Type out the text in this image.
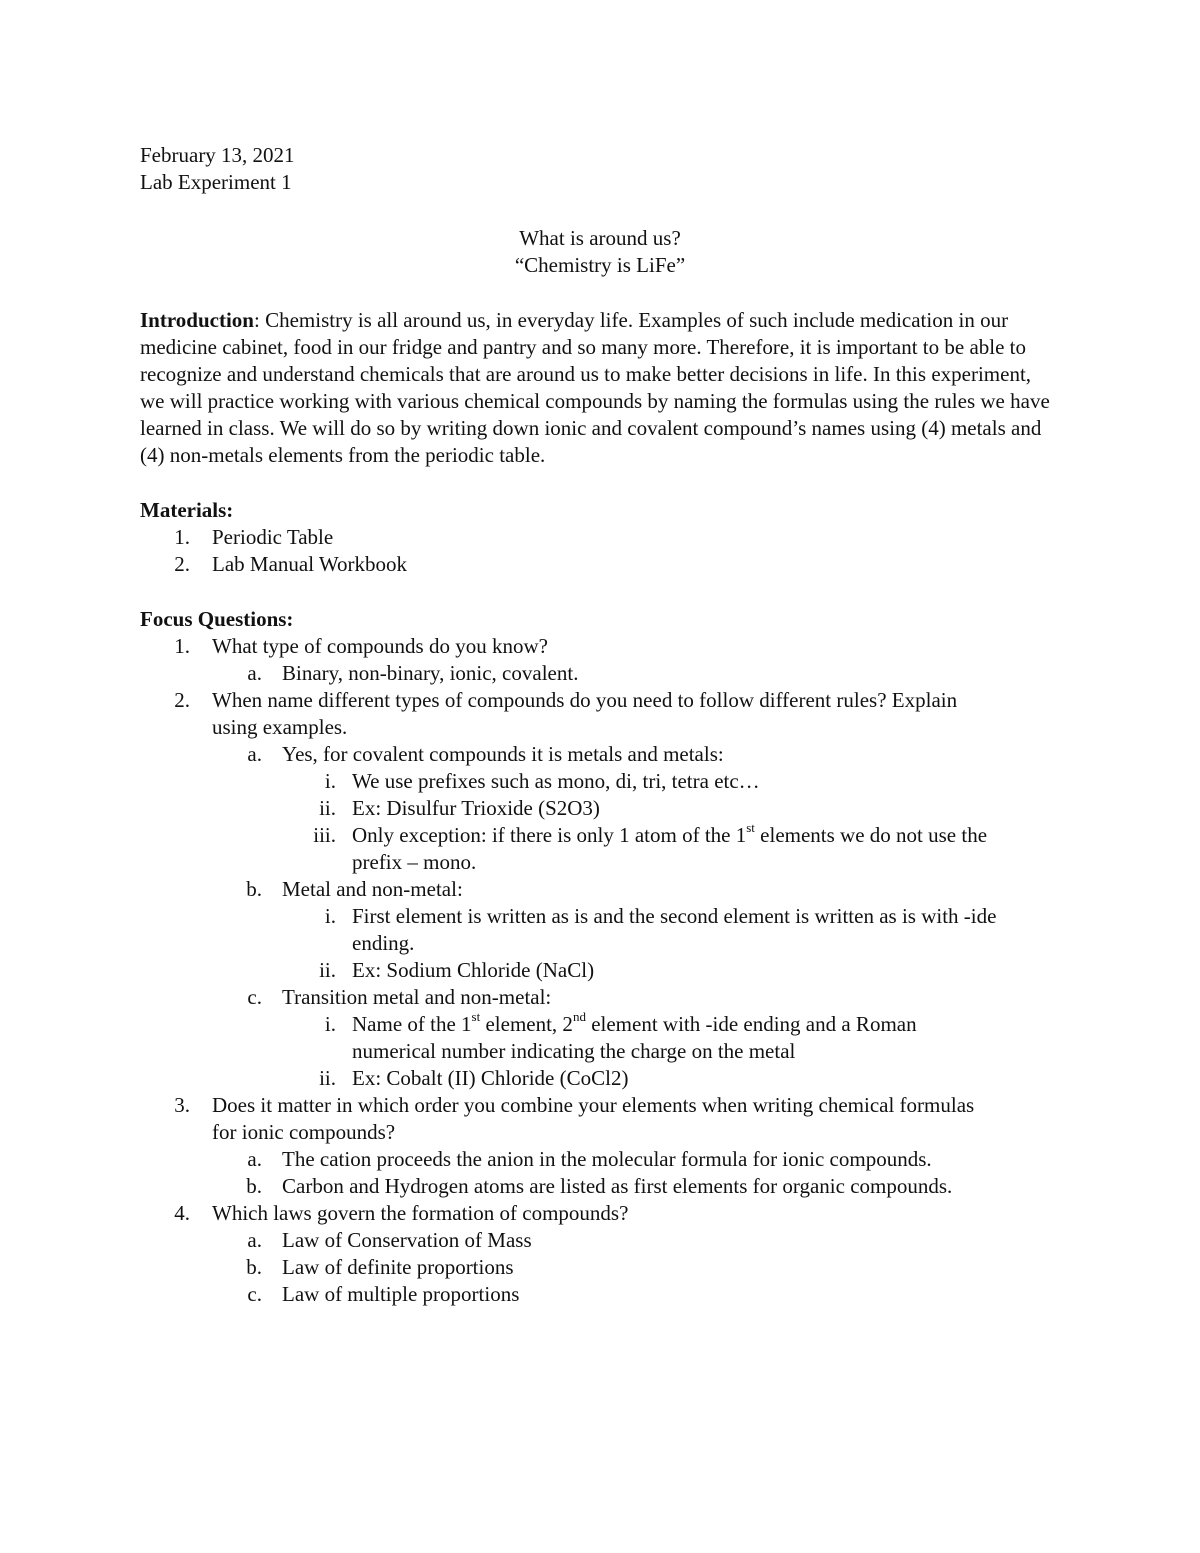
February 13, 2021
Lab Experiment 1
What is around us?
“Chemistry is LiFe”
Introduction: Chemistry is all around us, in everyday life. Examples of such include medication in our medicine cabinet, food in our fridge and pantry and so many more. Therefore, it is important to be able to recognize and understand chemicals that are around us to make better decisions in life. In this experiment, we will practice working with various chemical compounds by naming the formulas using the rules we have learned in class. We will do so by writing down ionic and covalent compound’s names using (4) metals and (4) non-metals elements from the periodic table.
Materials:
1. Periodic Table
2. Lab Manual Workbook
Focus Questions:
1. What type of compounds do you know?
a. Binary, non-binary, ionic, covalent.
2. When name different types of compounds do you need to follow different rules? Explain using examples.
a. Yes, for covalent compounds it is metals and metals:
i. We use prefixes such as mono, di, tri, tetra etc…
ii. Ex: Disulfur Trioxide (S2O3)
iii. Only exception: if there is only 1 atom of the 1st elements we do not use the prefix – mono.
b. Metal and non-metal:
i. First element is written as is and the second element is written as is with -ide ending.
ii. Ex: Sodium Chloride (NaCl)
c. Transition metal and non-metal:
i. Name of the 1st element, 2nd element with -ide ending and a Roman numerical number indicating the charge on the metal
ii. Ex: Cobalt (II) Chloride (CoCl2)
3. Does it matter in which order you combine your elements when writing chemical formulas for ionic compounds?
a. The cation proceeds the anion in the molecular formula for ionic compounds.
b. Carbon and Hydrogen atoms are listed as first elements for organic compounds.
4. Which laws govern the formation of compounds?
a. Law of Conservation of Mass
b. Law of definite proportions
c. Law of multiple proportions
